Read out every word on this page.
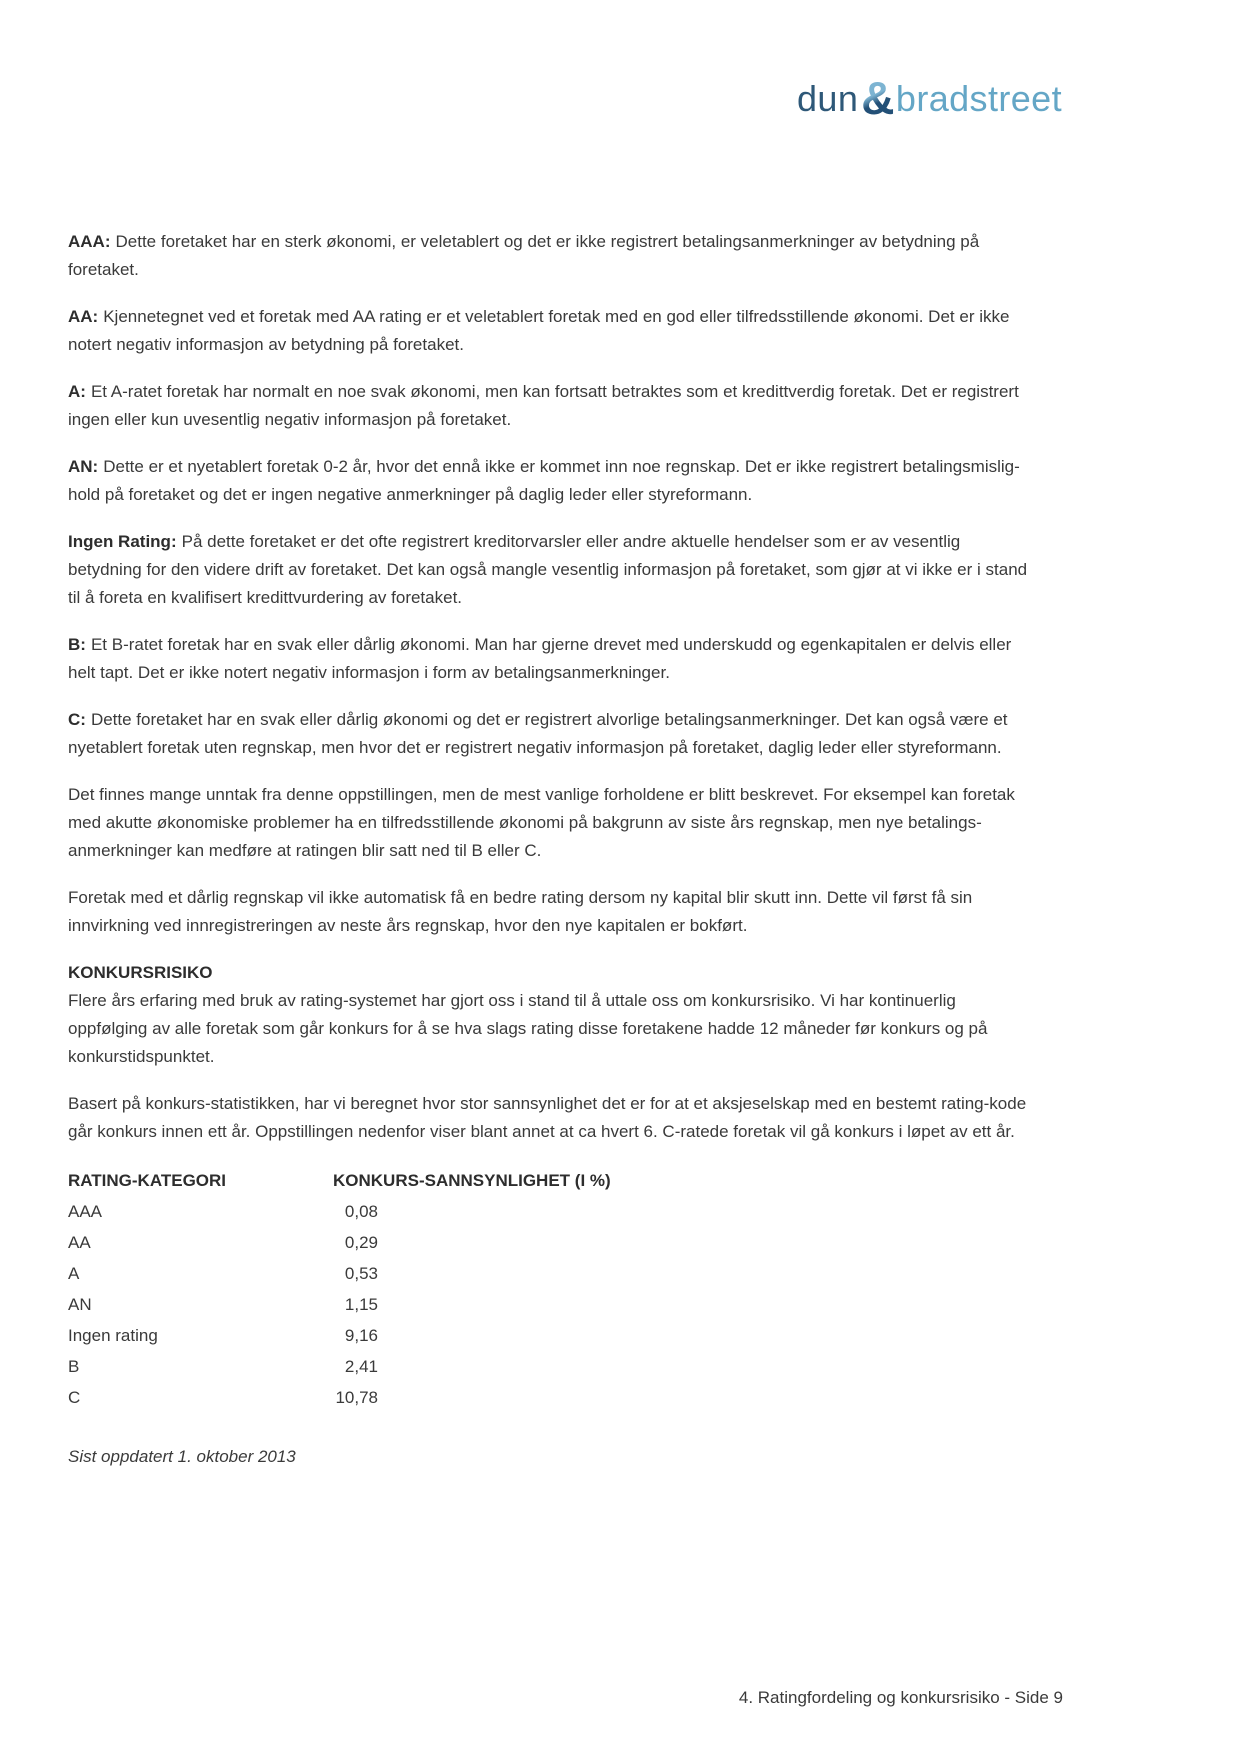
dun & bradstreet

AAA: Dette foretaket har en sterk økonomi, er veletablert og det er ikke registrert betalingsanmerkninger av betydning på foretaket.

AA: Kjennetegnet ved et foretak med AA rating er et veletablert foretak med en god eller tilfredsstillende økonomi. Det er ikke notert negativ informasjon av betydning på foretaket.

A: Et A-ratet foretak har normalt en noe svak økonomi, men kan fortsatt betraktes som et kredittverdig foretak. Det er registrert ingen eller kun uvesentlig negativ informasjon på foretaket.

AN: Dette er et nyetablert foretak 0-2 år, hvor det ennå ikke er kommet inn noe regnskap. Det er ikke registrert betalingsmislig- hold på foretaket og det er ingen negative anmerkninger på daglig leder eller styreformann.

Ingen Rating: På dette foretaket er det ofte registrert kreditorvarsler eller andre aktuelle hendelser som er av vesentlig betydning for den videre drift av foretaket. Det kan også mangle vesentlig informasjon på foretaket, som gjør at vi ikke er i stand til å foreta en kvalifisert kredittvurdering av foretaket.

B: Et B-ratet foretak har en svak eller dårlig økonomi. Man har gjerne drevet med underskudd og egenkapitalen er delvis eller helt tapt. Det er ikke notert negativ informasjon i form av betalingsanmerkninger.

C: Dette foretaket har en svak eller dårlig økonomi og det er registrert alvorlige betalingsanmerkninger. Det kan også være et nyetablert foretak uten regnskap, men hvor det er registrert negativ informasjon på foretaket, daglig leder eller styreformann.

Det finnes mange unntak fra denne oppstillingen, men de mest vanlige forholdene er blitt beskrevet. For eksempel kan foretak med akutte økonomiske problemer ha en tilfredsstillende økonomi på bakgrunn av siste års regnskap, men nye betalings- anmerkninger kan medføre at ratingen blir satt ned til B eller C.

Foretak med et dårlig regnskap vil ikke automatisk få en bedre rating dersom ny kapital blir skutt inn. Dette vil først få sin innvirkning ved innregistreringen av neste års regnskap, hvor den nye kapitalen er bokført.

KONKURSRISIKO

Flere års erfaring med bruk av rating-systemet har gjort oss i stand til å uttale oss om konkursrisiko. Vi har kontinuerlig oppfølging av alle foretak som går konkurs for å se hva slags rating disse foretakene hadde 12 måneder før konkurs og på konkurstidspunktet.

Basert på konkurs-statistikken, har vi beregnet hvor stor sannsynlighet det er for at et aksjeselskap med en bestemt rating-kode går konkurs innen ett år. Oppstillingen nedenfor viser blant annet at ca hvert 6. C-ratede foretak vil gå konkurs i løpet av ett år.

RATING-KATEGORI	KONKURS-SANNSYNLIGHET (I %)
AAA	0,08
AA	0,29
A	0,53
AN	1,15
Ingen rating	9,16
B	2,41
C	10,78

Sist oppdatert 1. oktober 2013

4. Ratingfordeling og konkursrisiko - Side 9
